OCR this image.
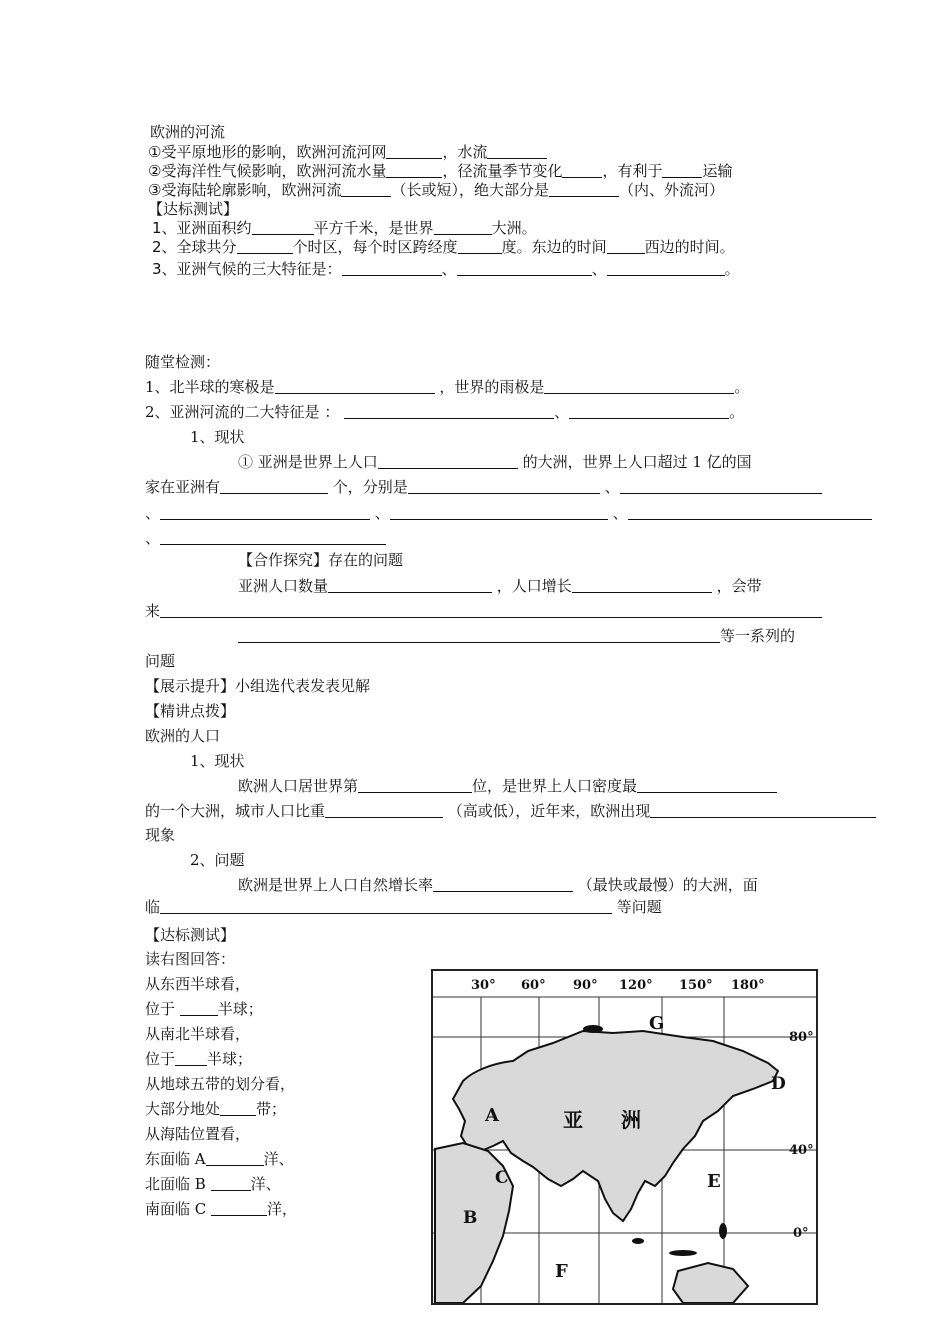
欧洲的河流
①受平原地形的影响，欧洲河流河网	，水流
②受海洋性气候影响，欧洲河流水量	，径流量季节变化	，有利于	运输
③受海陆轮廓影响，欧洲河流	（长或短），绝大部分是	（内、外流河）
【达标测试】
1、亚洲面积约	平方千米，是世界	大洲。
2、全球共分	个时区，每个时区跨经度	度。东边的时间	西边的时间。
3、亚洲气候的三大特征是：	、	、	。
随堂检测：
1、北半球的寒极是	，世界的雨极是	。
2、亚洲河流的二大特征是 ：	、	。
1、现状
① 亚洲是世界上人口	的大洲，世界上人口超过 1 亿的国
家在亚洲有	个，分别是	、
、	、	、
、
【合作探究】存在的问题
亚洲人口数量	，人口增长	，会带
来
等一系列的
问题
【展示提升】小组选代表发表见解
【精讲点拨】
欧洲的人口
1、现状
欧洲人口居世界第	位，是世界上人口密度最
的一个大洲，城市人口比重	（高或低），近年来，欧洲出现
现象
2、问题
欧洲是世界上人口自然增长率	（最快或最慢）的大洲，面
临	等问题
【达标测试】
读右图回答：
从东西半球看，
位于	半球；
从南北半球看，
位于 半球；
从地球五带的划分看，
大部分地处 带；
从海陆位置看，
东面临 A	洋、
北面临 B	洋、
南面临 C	洋，
30° 60° 90° 120° 150° 180°
80°
40°
0°
G
A	亚 洲
D
C	E
B
F
